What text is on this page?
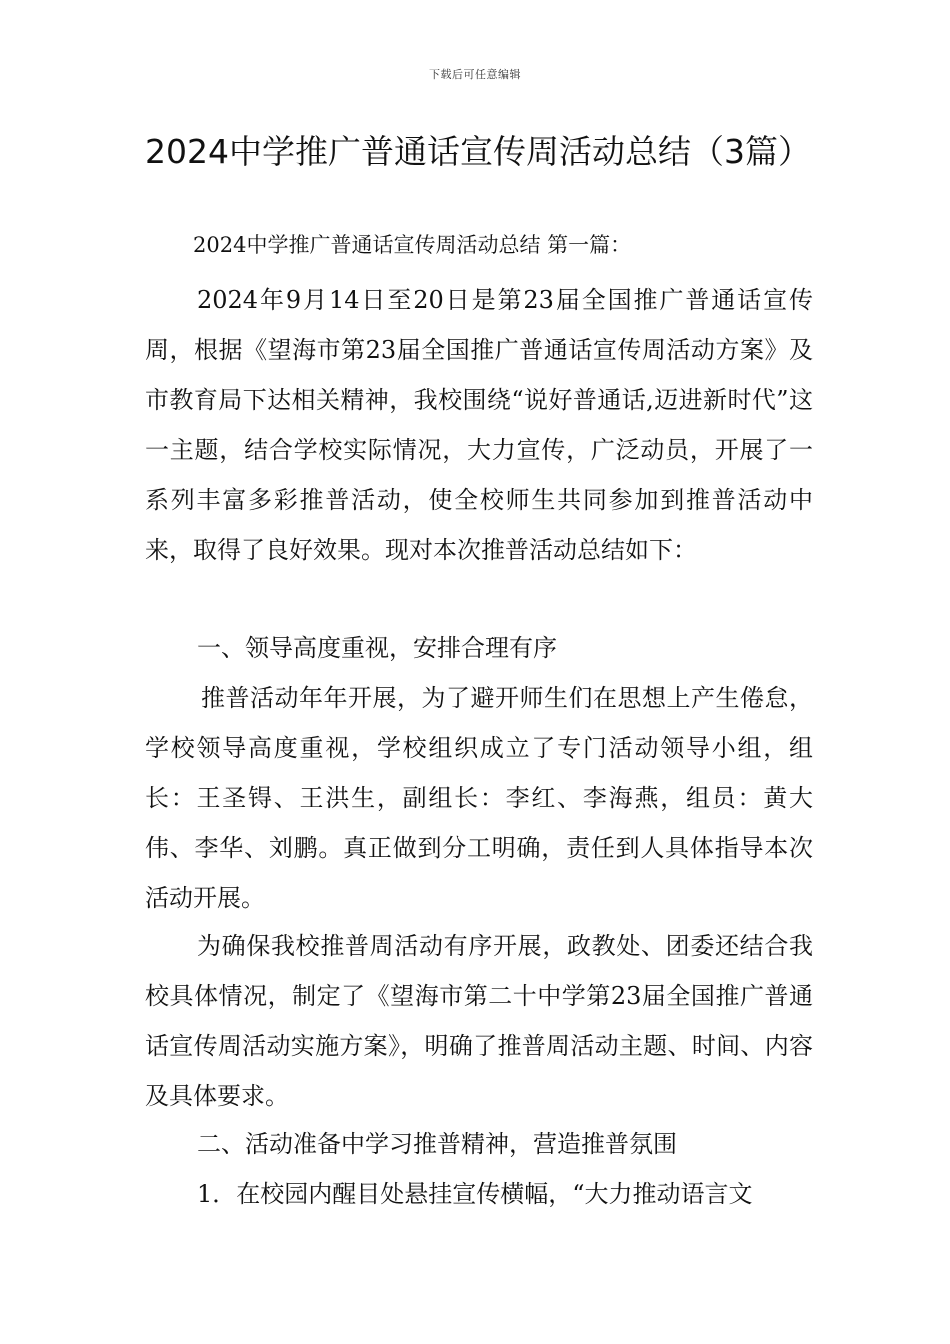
下载后可任意编辑
2024中学推广普通话宣传周活动总结（3篇）
2024中学推广普通话宣传周活动总结 第一篇：

2024年9月14日至20日是第23届全国推广普通话宣传周，根据《望海市第23届全国推广普通话宣传周活动方案》及市教育局下达相关精神，我校围绕“说好普通话,迈进新时代”这一主题，结合学校实际情况，大力宣传，广泛动员，开展了一系列丰富多彩推普活动，使全校师生共同参加到推普活动中来，取得了良好效果。现对本次推普活动总结如下：

一、领导高度重视，安排合理有序

推普活动年年开展，为了避开师生们在思想上产生倦怠，学校领导高度重视，学校组织成立了专门活动领导小组，组长：王圣锝、王洪生，副组长：李红、李海燕，组员：黄大伟、李华、刘鹏。真正做到分工明确，责任到人具体指导本次活动开展。

为确保我校推普周活动有序开展，政教处、团委还结合我校具体情况，制定了《望海市第二十中学第23届全国推广普通话宣传周活动实施方案》，明确了推普周活动主题、时间、内容及具体要求。

二、活动准备中学习推普精神，营造推普氛围

1．在校园内醒目处悬挂宣传横幅，“大力推动语言文
